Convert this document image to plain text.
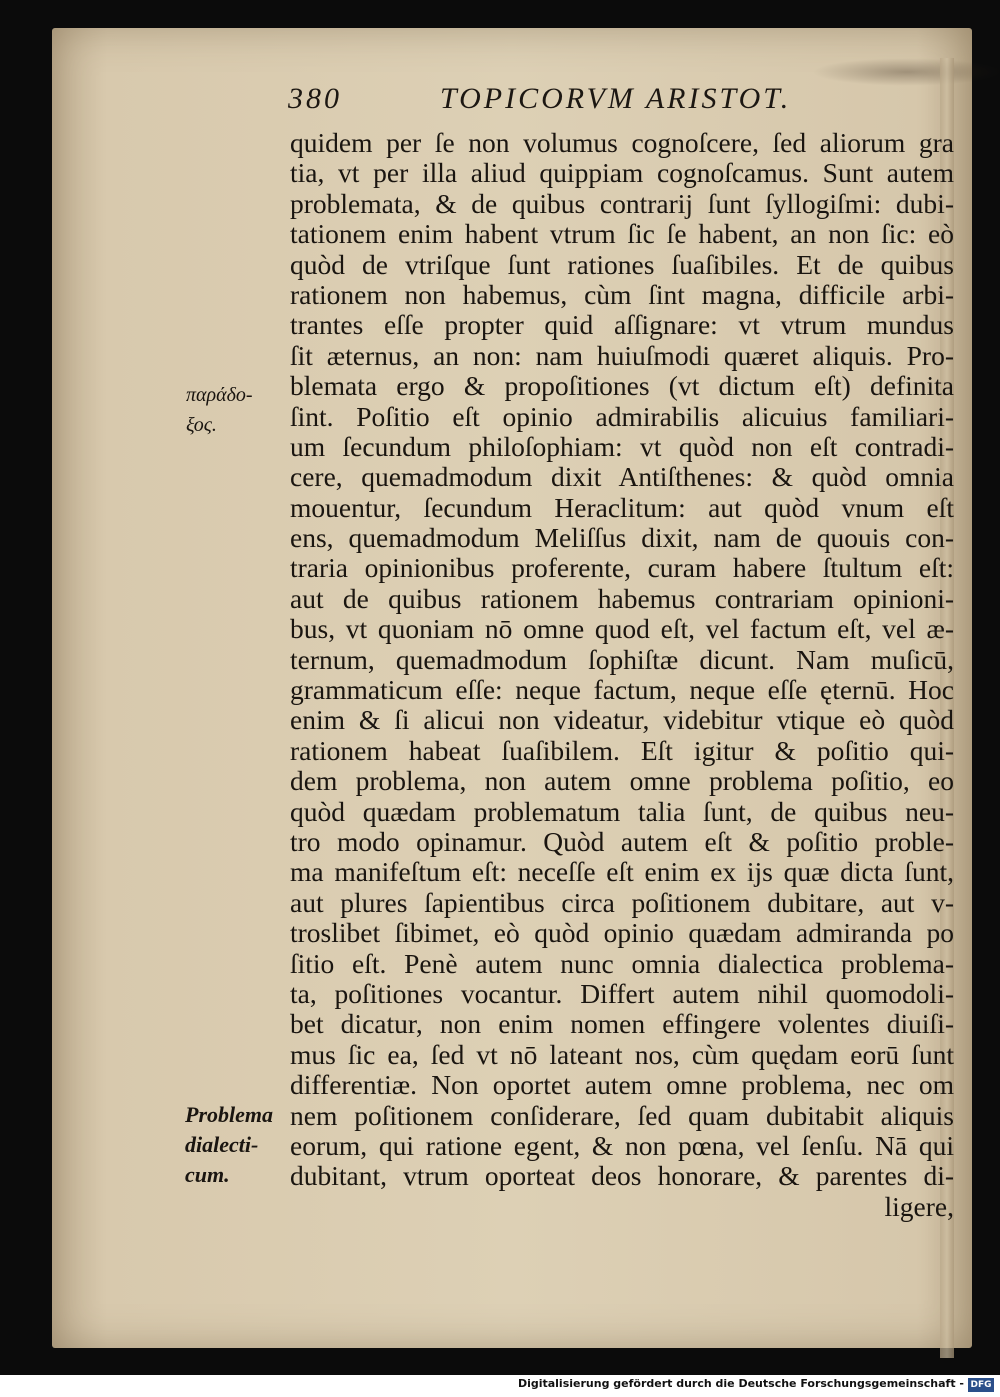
380	TOPICORVM ARISTOT.
παράδο-
ξος.
Problema
dialecti-
cum.
quidem per ſe non volumus cognoſcere, ſed aliorum gra
tia, vt per illa aliud quippiam cognoſcamus. Sunt autem
problemata, & de quibus contrarij ſunt ſyllogiſmi: dubi-
tationem enim habent vtrum ſic ſe habent, an non ſic: eò
quòd de vtriſque ſunt rationes ſuaſibiles. Et de quibus
rationem non habemus, cùm ſint magna, difficile arbi-
trantes eſſe propter quid aſſignare: vt vtrum mundus
ſit æternus, an non: nam huiuſmodi quæret aliquis. Pro-
blemata ergo & propoſitiones (vt dictum eſt) definita
ſint. Poſitio eſt opinio admirabilis alicuius familiari-
um ſecundum philoſophiam: vt quòd non eſt contradi-
cere, quemadmodum dixit Antiſthenes: & quòd omnia
mouentur, ſecundum Heraclitum: aut quòd vnum eſt
ens, quemadmodum Meliſſus dixit, nam de quouis con-
traria opinionibus proferente, curam habere ſtultum eſt:
aut de quibus rationem habemus contrariam opinioni-
bus, vt quoniam nō omne quod eſt, vel factum eſt, vel æ-
ternum, quemadmodum ſophiſtæ dicunt. Nam muſicū,
grammaticum eſſe: neque factum, neque eſſe ęternū. Hoc
enim & ſi alicui non videatur, videbitur vtique eò quòd
rationem habeat ſuaſibilem. Eſt igitur & poſitio qui-
dem problema, non autem omne problema poſitio, eo
quòd quædam problematum talia ſunt, de quibus neu-
tro modo opinamur. Quòd autem eſt & poſitio proble-
ma manifeſtum eſt: neceſſe eſt enim ex ijs quæ dicta ſunt,
aut plures ſapientibus circa poſitionem dubitare, aut v-
troslibet ſibimet, eò quòd opinio quædam admiranda po
ſitio eſt. Penè autem nunc omnia dialectica problema-
ta, poſitiones vocantur. Differt autem nihil quomodoli-
bet dicatur, non enim nomen effingere volentes diuiſi-
mus ſic ea, ſed vt nō lateant nos, cùm quędam eorū ſunt
differentiæ. Non oportet autem omne problema, nec om
nem poſitionem conſiderare, ſed quam dubitabit aliquis
eorum, qui ratione egent, & non pœna, vel ſenſu. Nā qui
dubitant, vtrum oporteat deos honorare, & parentes di-
ligere,
Digitalisierung gefördert durch die Deutsche Forschungsgemeinschaft - DFG
